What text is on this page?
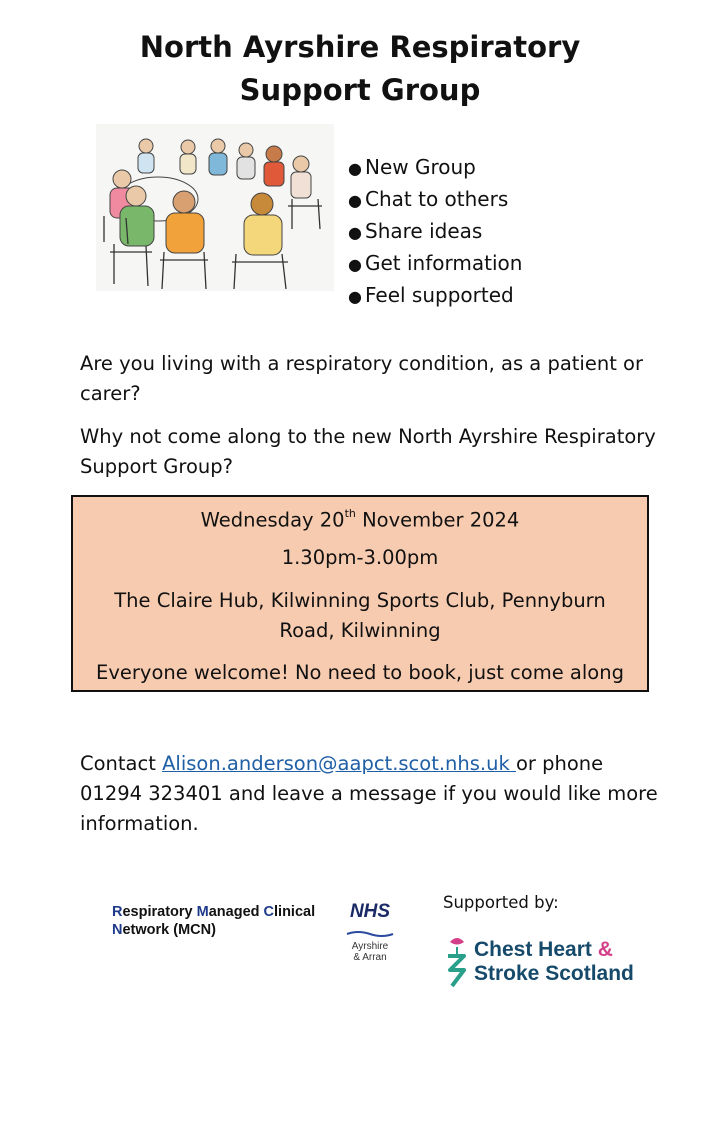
North Ayrshire Respiratory
Support Group
● New Group
● Chat to others
● Share ideas
● Get information
● Feel supported

Are you living with a respiratory condition, as a patient or carer?

Why not come along to the new North Ayrshire Respiratory Support Group?

Wednesday 20th November 2024
1.30pm-3.00pm
The Claire Hub, Kilwinning Sports Club, Pennyburn
Road, Kilwinning
Everyone welcome! No need to book, just come along

Contact Alison.anderson@aapct.scot.nhs.uk or phone 01294 323401 and leave a message if you would like more information.

Respiratory Managed Clinical
Network (MCN)
NHS
Ayrshire
& Arran
Supported by:
Chest Heart &
Stroke Scotland
